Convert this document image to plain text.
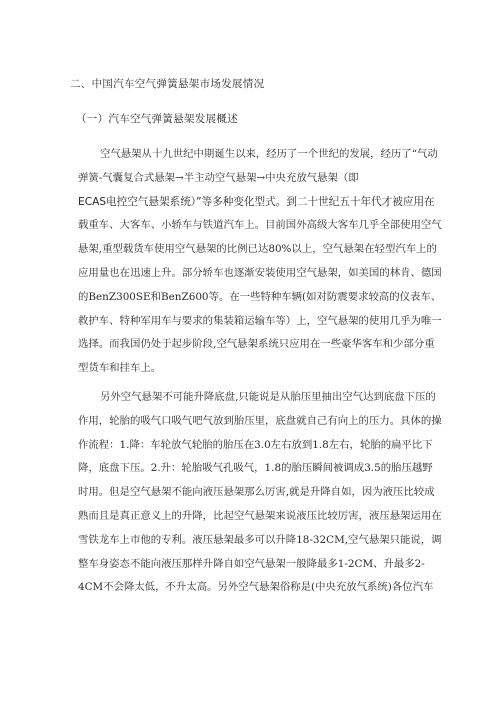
二、中国汽车空气弹簧悬架市场发展情况
（一）汽车空气弹簧悬架发展概述
空气悬架从十九世纪中期诞生以来，经历了一个世纪的发展，经历了“气动
弹簧-气囊复合式悬架→半主动空气悬架→中央充放气悬架（即
ECAS电控空气悬架系统）”等多种变化型式。到二十世纪五十年代才被应用在
载重车、大客车、小轿车与铁道汽车上。目前国外高级大客车几乎全部使用空气
悬架,重型载货车使用空气悬架的比例已达80%以上，空气悬架在轻型汽车上的
应用量也在迅速上升。部分轿车也逐渐安装使用空气悬架，如美国的林肯、德国
的BenZ300SE和BenZ600等。在一些特种车辆(如对防震要求较高的仪表车、
救护车、特种军用车与要求的集装箱运输车等）上，空气悬架的使用几乎为唯一
选择。而我国仍处于起步阶段,空气悬架系统只应用在一些豪华客车和少部分重
型货车和挂车上。
另外空气悬架不可能升降底盘,只能说是从胎压里抽出空气达到底盘下压的
作用，轮胎的吸气口吸气吧气放到胎压里，底盘就自己有向上的压力。具体的操
作流程：1.降：车轮放气轮胎的胎压在3.0左右放到1.8左右，轮胎的扁平比下
降，底盘下压。2.升：轮胎吸气孔吸气，1.8的胎压瞬间被调成3.5的胎压越野
时用。但是空气悬架不能向液压悬架那么厉害,就是升降自如，因为液压比较成
熟而且是真正意义上的升降，比起空气悬架来说液压比较厉害，液压悬架运用在
雪铁龙车上市他的专利。液压悬架最多可以升降18-32CM,空气悬架只能说，调
整车身姿态不能向液压那样升降自如空气悬架一般降最多1-2CM、升最多2-
4CM不会降太低，不升太高。另外空气悬架俗称是(中央充放气系统)各位汽车
